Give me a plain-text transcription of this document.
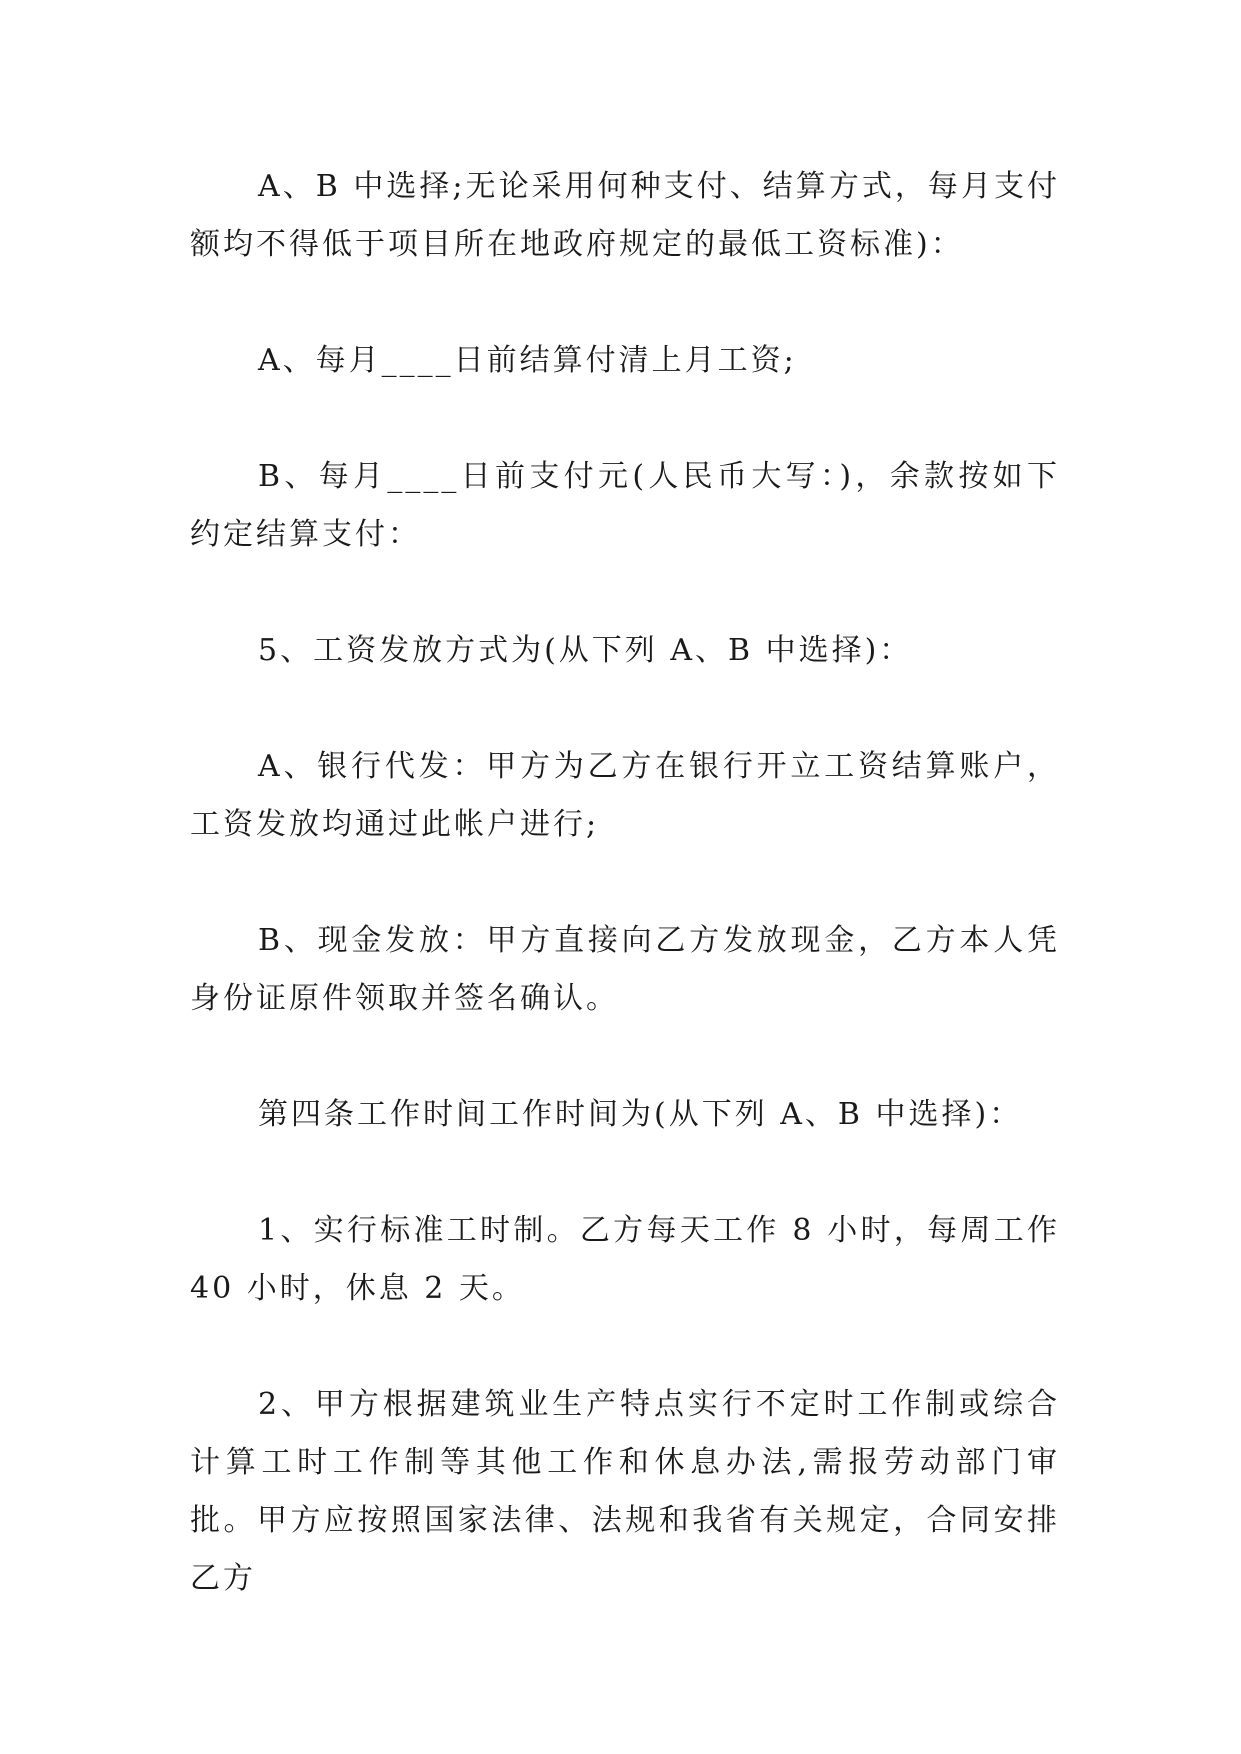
A、B 中选择;无论采用何种支付、结算方式，每月支付额均不得低于项目所在地政府规定的最低工资标准)：

A、每月____日前结算付清上月工资;

B、每月____日前支付元(人民币大写：)，余款按如下约定结算支付：

5、工资发放方式为(从下列 A、B 中选择)：

A、银行代发：甲方为乙方在银行开立工资结算账户，工资发放均通过此帐户进行;

B、现金发放：甲方直接向乙方发放现金，乙方本人凭身份证原件领取并签名确认。

第四条工作时间工作时间为(从下列 A、B 中选择)：

1、实行标准工时制。乙方每天工作 8 小时，每周工作 40 小时，休息 2 天。

2、甲方根据建筑业生产特点实行不定时工作制或综合计算工时工作制等其他工作和休息办法,需报劳动部门审批。甲方应按照国家法律、法规和我省有关规定，合同安排乙方
